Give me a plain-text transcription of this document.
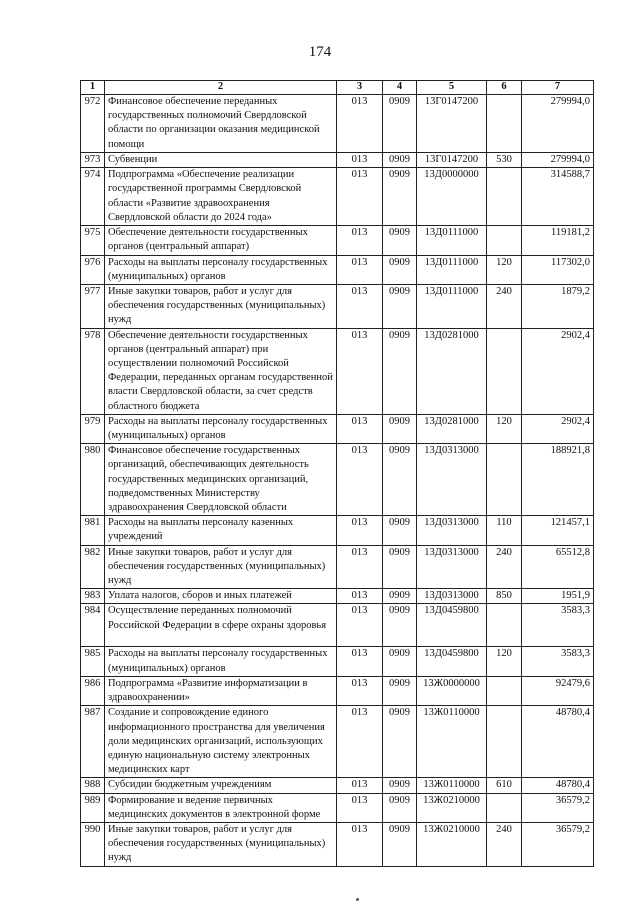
174
1	2	3	4	5	6	7
972	Финансовое обеспечение переданных государственных полномочий Свердловской области по организации оказания медицинской помощи	013	0909	13Г0147200		279994,0
973	Субвенции	013	0909	13Г0147200	530	279994,0
974	Подпрограмма «Обеспечение реализации государственной программы Свердловской области «Развитие здравоохранения Свердловской области до 2024 года»	013	0909	13Д0000000		314588,7
975	Обеспечение деятельности государственных органов (центральный аппарат)	013	0909	13Д0111000		119181,2
976	Расходы на выплаты персоналу государственных (муниципальных) органов	013	0909	13Д0111000	120	117302,0
977	Иные закупки товаров, работ и услуг для обеспечения государственных (муниципальных) нужд	013	0909	13Д0111000	240	1879,2
978	Обеспечение деятельности государственных органов (центральный аппарат) при осуществлении полномочий Российской Федерации, переданных органам государственной власти Свердловской области, за счет средств областного бюджета	013	0909	13Д0281000		2902,4
979	Расходы на выплаты персоналу государственных (муниципальных) органов	013	0909	13Д0281000	120	2902,4
980	Финансовое обеспечение государственных организаций, обеспечивающих деятельность государственных медицинских организаций, подведомственных Министерству здравоохранения Свердловской области	013	0909	13Д0313000		188921,8
981	Расходы на выплаты персоналу казенных учреждений	013	0909	13Д0313000	110	121457,1
982	Иные закупки товаров, работ и услуг для обеспечения государственных (муниципальных) нужд	013	0909	13Д0313000	240	65512,8
983	Уплата налогов, сборов и иных платежей	013	0909	13Д0313000	850	1951,9
984	Осуществление переданных полномочий Российской Федерации в сфере охраны здоровья	013	0909	13Д0459800		3583,3
985	Расходы на выплаты персоналу государственных (муниципальных) органов	013	0909	13Д0459800	120	3583,3
986	Подпрограмма «Развитие информатизации в здравоохранении»	013	0909	13Ж0000000		92479,6
987	Создание и сопровождение единого информационного пространства для увеличения доли медицинских организаций, использующих единую национальную систему электронных медицинских карт	013	0909	13Ж0110000		48780,4
988	Субсидии бюджетным учреждениям	013	0909	13Ж0110000	610	48780,4
989	Формирование и ведение первичных медицинских документов в электронной форме	013	0909	13Ж0210000		36579,2
990	Иные закупки товаров, работ и услуг для обеспечения государственных (муниципальных) нужд	013	0909	13Ж0210000	240	36579,2
